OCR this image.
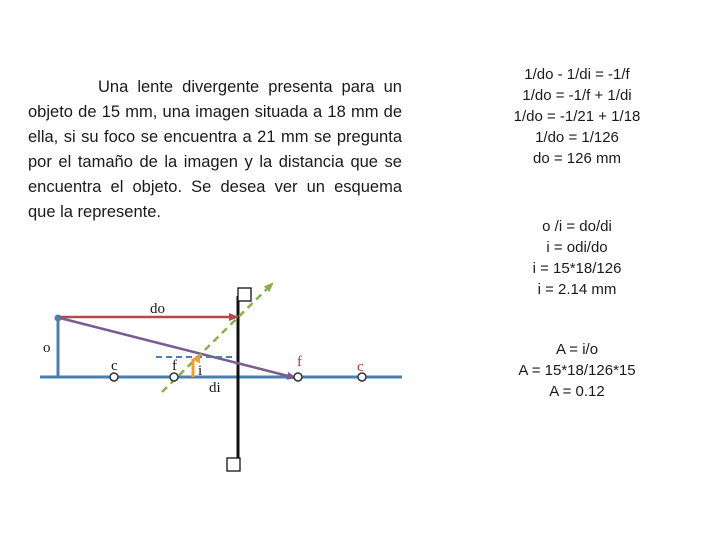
Una lente divergente presenta para un objeto de 15 mm, una imagen situada a 18 mm de ella, si su foco se encuentra a 21 mm se pregunta por el tamaño de la imagen y la distancia que se encuentra el objeto. Se desea ver un esquema que la represente.

1/do - 1/di = -1/f
1/do = -1/f + 1/di
1/do = -1/21 + 1/18
1/do = 1/126
do = 126 mm
o /i = do/di
i = odi/do
i = 15*18/126
i = 2.14 mm
A = i/o
A = 15*18/126*15
A = 0.12
do
o
c	f i
di
f	c
